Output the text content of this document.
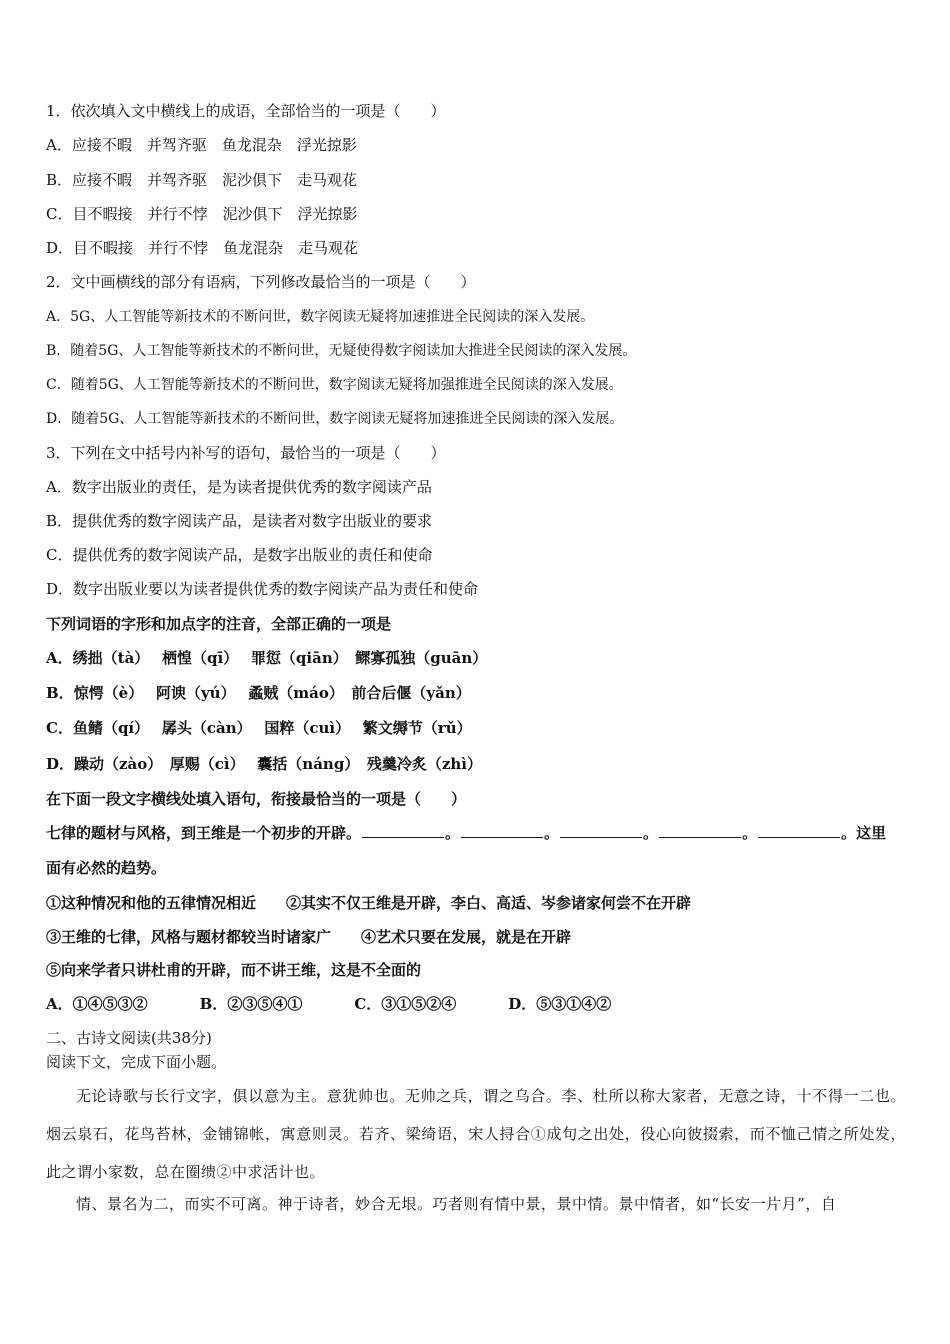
1．依次填入文中横线上的成语，全部恰当的一项是（　　）
A．应接不暇　并驾齐驱　鱼龙混杂　浮光掠影
B．应接不暇　并驾齐驱　泥沙俱下　走马观花
C．目不暇接　并行不悖　泥沙俱下　浮光掠影
D．目不暇接　并行不悖　鱼龙混杂　走马观花
2．文中画横线的部分有语病，下列修改最恰当的一项是（　　）
A．5G、人工智能等新技术的不断问世，数字阅读无疑将加速推进全民阅读的深入发展。
B．随着5G、人工智能等新技术的不断问世，无疑使得数字阅读加大推进全民阅读的深入发展。
C．随着5G、人工智能等新技术的不断问世，数字阅读无疑将加强推进全民阅读的深入发展。
D．随着5G、人工智能等新技术的不断问世，数字阅读无疑将加速推进全民阅读的深入发展。
3．下列在文中括号内补写的语句，最恰当的一项是（　　）
A．数字出版业的责任，是为读者提供优秀的数字阅读产品
B．提供优秀的数字阅读产品，是读者对数字出版业的要求
C．提供优秀的数字阅读产品，是数字出版业的责任和使命
D．数字出版业要以为读者提供优秀的数字阅读产品为责任和使命
下列词语的字形和加点字的注音，全部正确的一项是
A．绣拙（tà）　 栖惶（qī）　 罪愆（qiān）　鳏寡孤独（guān）
B．惊愕（è）　 阿谀（yú）　 蟊贼（máo）　前合后偃（yǎn）
C．鱼鳍（qí）　 孱头（càn）　 国粹（cuì）　 繁文缛节（rǔ）
D．躁动（zào）　厚赐（cì）　 囊括（náng）　残羹冷炙（zhì）
在下面一段文字横线处填入语句，衔接最恰当的一项是（　　）
七律的题材与风格，到王维是一个初步的开辟。	。	。	。	。	。这里
面有必然的趋势。
①这种情况和他的五律情况相近　　②其实不仅王维是开辟，李白、高适、岑参诸家何尝不在开辟
③王维的七律，风格与题材都较当时诸家广　　④艺术只要在发展，就是在开辟
⑤向来学者只讲杜甫的开辟，而不讲王维，这是不全面的
A．①④⑤③②	B．②③⑤④①	C．③①⑤②④	D．⑤③①④②
二、古诗文阅读(共38分)
阅读下文，完成下面小题。
无论诗歌与长行文字，俱以意为主。意犹帅也。无帅之兵，谓之乌合。李、杜所以称大家者，无意之诗，十不得一二也。烟云泉石，花鸟苔林，金铺锦帐，寓意则灵。若齐、梁绮语，宋人挦合①成句之出处，役心向彼掇索，而不恤己情之所处发，此之谓小家数，总在圈缋②中求活计也。
情、景名为二，而实不可离。神于诗者，妙合无垠。巧者则有情中景，景中情。景中情者，如“长安一片月”，自
